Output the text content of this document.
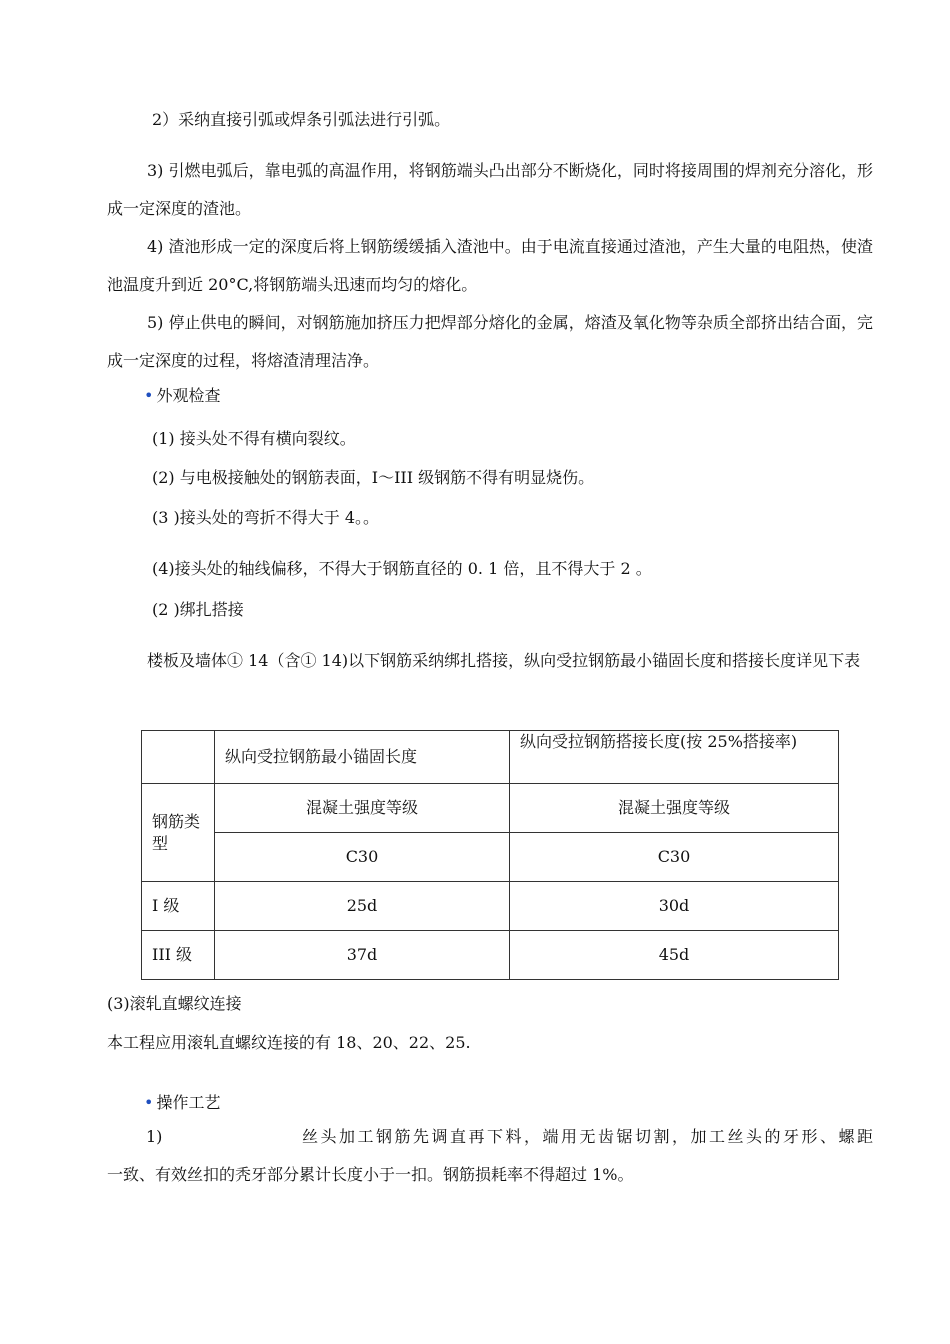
2）采纳直接引弧或焊条引弧法进行引弧。
3) 引燃电弧后，靠电弧的高温作用，将钢筋端头凸出部分不断烧化，同时将接周围的焊剂充分溶化，形成一定深度的渣池。
4) 渣池形成一定的深度后将上钢筋缓缓插入渣池中。由于电流直接通过渣池，产生大量的电阻热，使渣池温度升到近 20°C,将钢筋端头迅速而均匀的熔化。
5) 停止供电的瞬间，对钢筋施加挤压力把焊部分熔化的金属，熔渣及氧化物等杂质全部挤出结合面，完成一定深度的过程，将熔渣清理洁净。
• 外观检查
(1) 接头处不得有横向裂纹。
(2) 与电极接触处的钢筋表面，I〜III 级钢筋不得有明显烧伤。
(3 )接头处的弯折不得大于 4。。
(4)接头处的轴线偏移，不得大于钢筋直径的 0. 1 倍，且不得大于 2 。
(2 )绑扎搭接
楼板及墙体① 14（含① 14)以下钢筋采纳绑扎搭接，纵向受拉钢筋最小锚固长度和搭接长度详见下表
	纵向受拉钢筋最小锚固长度	纵向受拉钢筋搭接长度(按 25%搭接率)
钢筋类型	混凝土强度等级	混凝土强度等级
	C30	C30
I 级	25d	30d
III 级	37d	45d
(3)滚轧直螺纹连接
本工程应用滚轧直螺纹连接的有 18、20、22、25.
• 操作工艺
1)	丝头加工钢筋先调直再下料，端用无齿锯切割，加工丝头的牙形、螺距
一致、有效丝扣的秃牙部分累计长度小于一扣。钢筋损耗率不得超过 1%。
